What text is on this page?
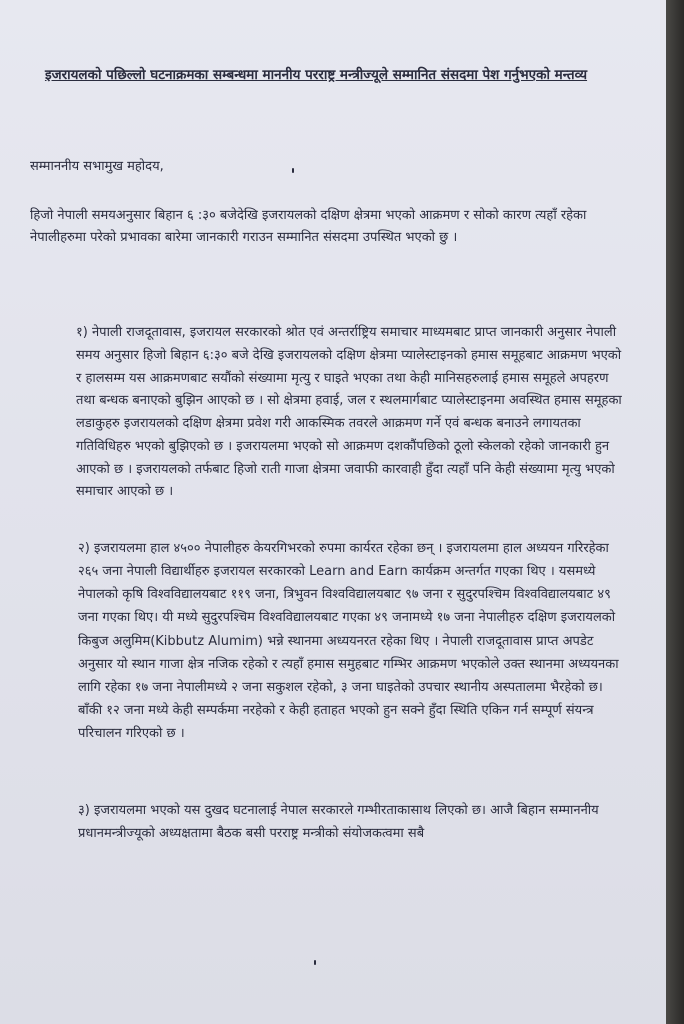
इजरायलको पछिल्लो घटनाक्रमका सम्बन्धमा माननीय परराष्ट्र मन्त्रीज्यूले सम्मानित संसदमा पेश गर्नुभएको मन्तव्य

सम्माननीय सभामुख महोदय,

हिजो नेपाली समयअनुसार बिहान ६ :३० बजेदेखि इजरायलको दक्षिण क्षेत्रमा भएको आक्रमण र सोको कारण त्यहाँ रहेका नेपालीहरुमा परेको प्रभावका बारेमा जानकारी गराउन सम्मानित संसदमा उपस्थित भएको छु ।

१) नेपाली राजदूतावास, इजरायल सरकारको श्रोत एवं अन्तर्राष्ट्रिय समाचार माध्यमबाट प्राप्त जानकारी अनुसार नेपाली समय अनुसार हिजो बिहान ६:३० बजे देखि इजरायलको दक्षिण क्षेत्रमा प्यालेस्टाइनको हमास समूहबाट आक्रमण भएको र हालसम्म यस आक्रमणबाट सयौंको संख्यामा मृत्यु र घाइते भएका तथा केही मानिसहरुलाई हमास समूहले अपहरण तथा बन्धक बनाएको बुझिन आएको छ । सो क्षेत्रमा हवाई, जल र स्थलमार्गबाट प्यालेस्टाइनमा अवस्थित हमास समूहका लडाकुहरु इजरायलको दक्षिण क्षेत्रमा प्रवेश गरी आकस्मिक तवरले आक्रमण गर्ने एवं बन्धक बनाउने लगायतका गतिविधिहरु भएको बुझिएको छ । इजरायलमा भएको सो आक्रमण दशकौंपछिको ठूलो स्केलको रहेको जानकारी हुन आएको छ । इजरायलको तर्फबाट हिजो राती गाजा क्षेत्रमा जवाफी कारवाही हुँदा त्यहाँ पनि केही संख्यामा मृत्यु भएको समाचार आएको छ ।

२) इजरायलमा हाल ४५०० नेपालीहरु केयरगिभरको रुपमा कार्यरत रहेका छन् । इजरायलमा हाल अध्ययन गरिरहेका २६५ जना नेपाली विद्यार्थीहरु इजरायल सरकारको Learn and Earn कार्यक्रम अन्तर्गत गएका थिए । यसमध्ये नेपालको कृषि विश्वविद्यालयबाट ११९ जना, त्रिभुवन विश्वविद्यालयबाट ९७ जना र सुदुरपश्चिम विश्वविद्यालयबाट ४९ जना गएका थिए। यी मध्ये सुदुरपश्चिम विश्वविद्यालयबाट गएका ४९ जनामध्ये १७ जना नेपालीहरु दक्षिण इजरायलको किबुज अलुमिम(Kibbutz Alumim) भन्ने स्थानमा अध्ययनरत रहेका थिए । नेपाली राजदूतावास प्राप्त अपडेट अनुसार यो स्थान गाजा क्षेत्र नजिक रहेको र त्यहाँ हमास समुहबाट गम्भिर आक्रमण भएकोले उक्त स्थानमा अध्ययनका लागि रहेका १७ जना नेपालीमध्ये २ जना सकुशल रहेको, ३ जना घाइतेको उपचार स्थानीय अस्पतालमा भैरहेको छ। बाँकी १२ जना मध्ये केही सम्पर्कमा नरहेको र केही हताहत भएको हुन सक्ने हुँदा स्थिति एकिन गर्न सम्पूर्ण संयन्त्र परिचालन गरिएको छ ।

३) इजरायलमा भएको यस दुखद घटनालाई नेपाल सरकारले गम्भीरताकासाथ लिएको छ। आजै बिहान सम्माननीय प्रधानमन्त्रीज्यूको अध्यक्षतामा बैठक बसी परराष्ट्र मन्त्रीको संयोजकत्वमा सबै
